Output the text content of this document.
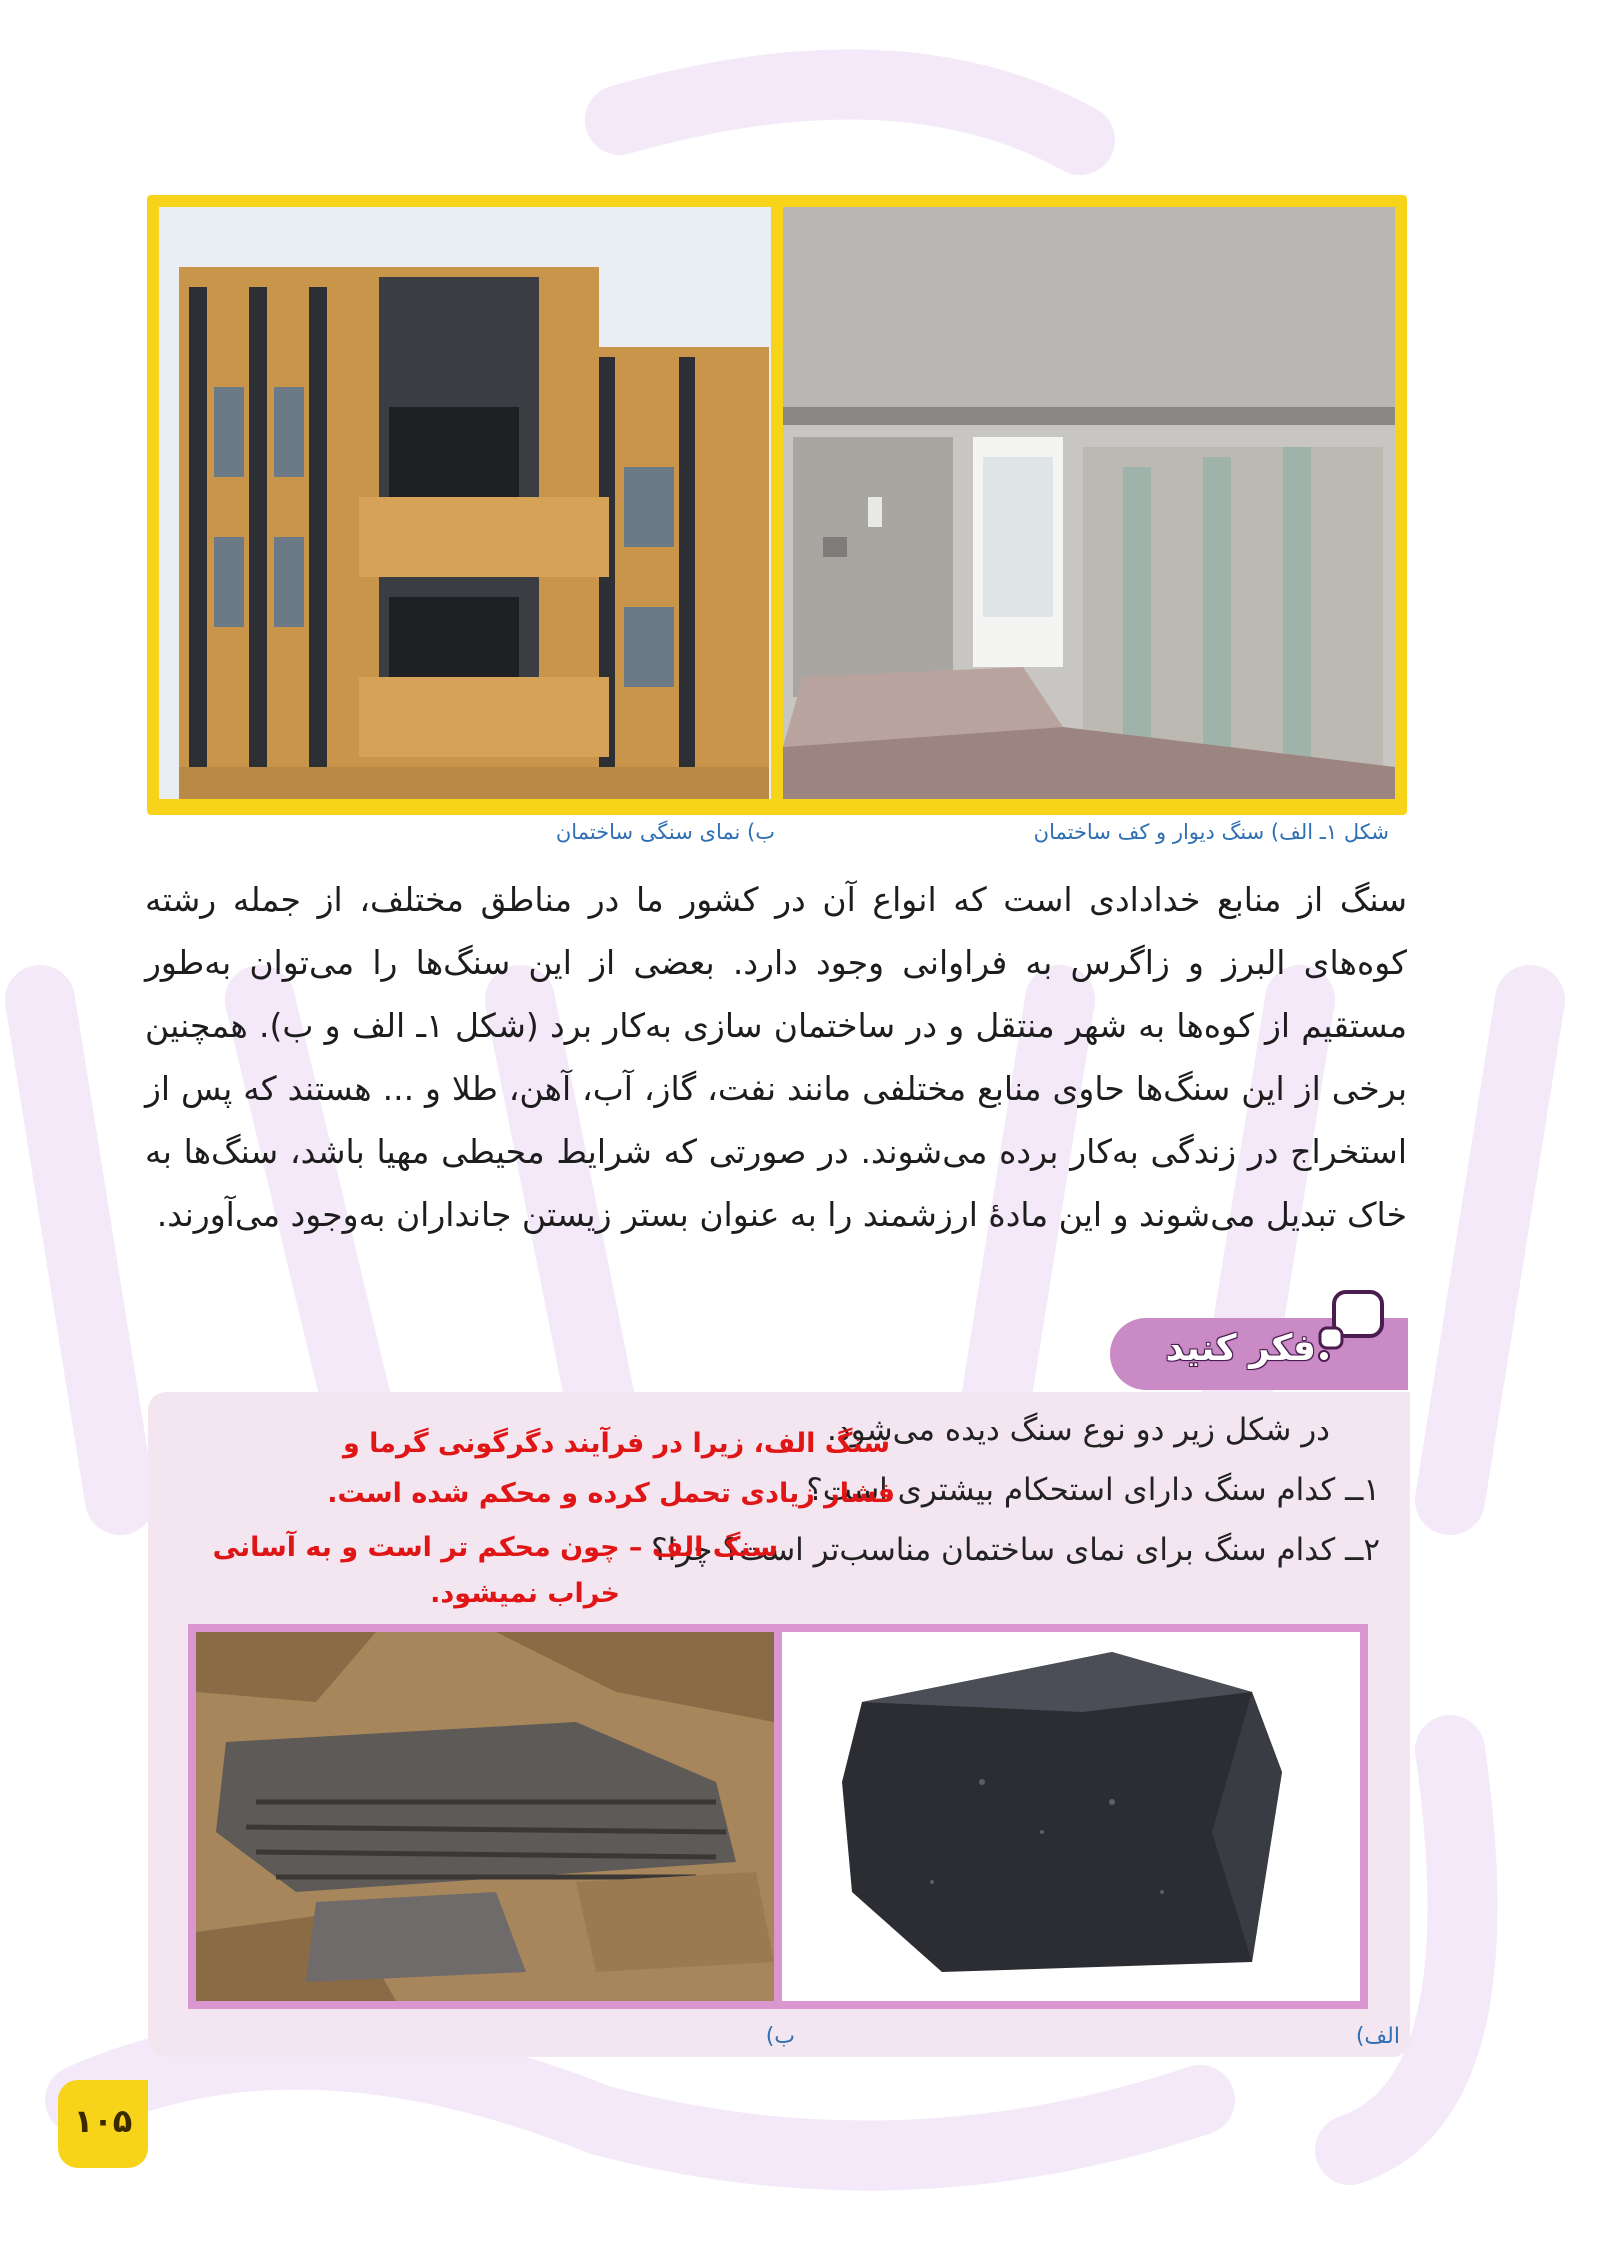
شکل ۱ـ الف) سنگ دیوار و کف ساختمان
ب) نمای سنگی ساختمان
سنگ از منابع خدادادی است که انواع آن در کشور ما در مناطق مختلف، از جمله رشته کوه‌های البرز و زاگرس به فراوانی وجود دارد. بعضی از این سنگ‌ها را می‌توان به‌طور مستقیم از کوه‌ها به شهر منتقل و در ساختمان سازی به‌کار برد (شکل ۱ـ الف و ب). همچنین برخی از این سنگ‌ها حاوی منابع مختلفی مانند نفت، گاز، آب، آهن، طلا و ... هستند که پس از استخراج در زندگی به‌کار برده می‌شوند. در صورتی که شرایط محیطی مهیا باشد، سنگ‌ها به خاک تبدیل می‌شوند و این مادهٔ ارزشمند را به عنوان بستر زیستن جانداران به‌وجود می‌آورند.
فکر کنید
در شکل زیر دو نوع سنگ دیده می‌شود.
۱ــ کدام سنگ دارای استحکام بیشتری است؟
۲ــ کدام سنگ برای نمای ساختمان مناسب‌تر است؟ چرا؟
سنگ الف، زیرا در فرآیند دگرگونی گرما و
فشار زیادی تحمل کرده و محکم شده است.
سنگ الف – چون محکم تر است و به آسانی
خراب نمیشود.
الف)
ب)
۱۰۵
